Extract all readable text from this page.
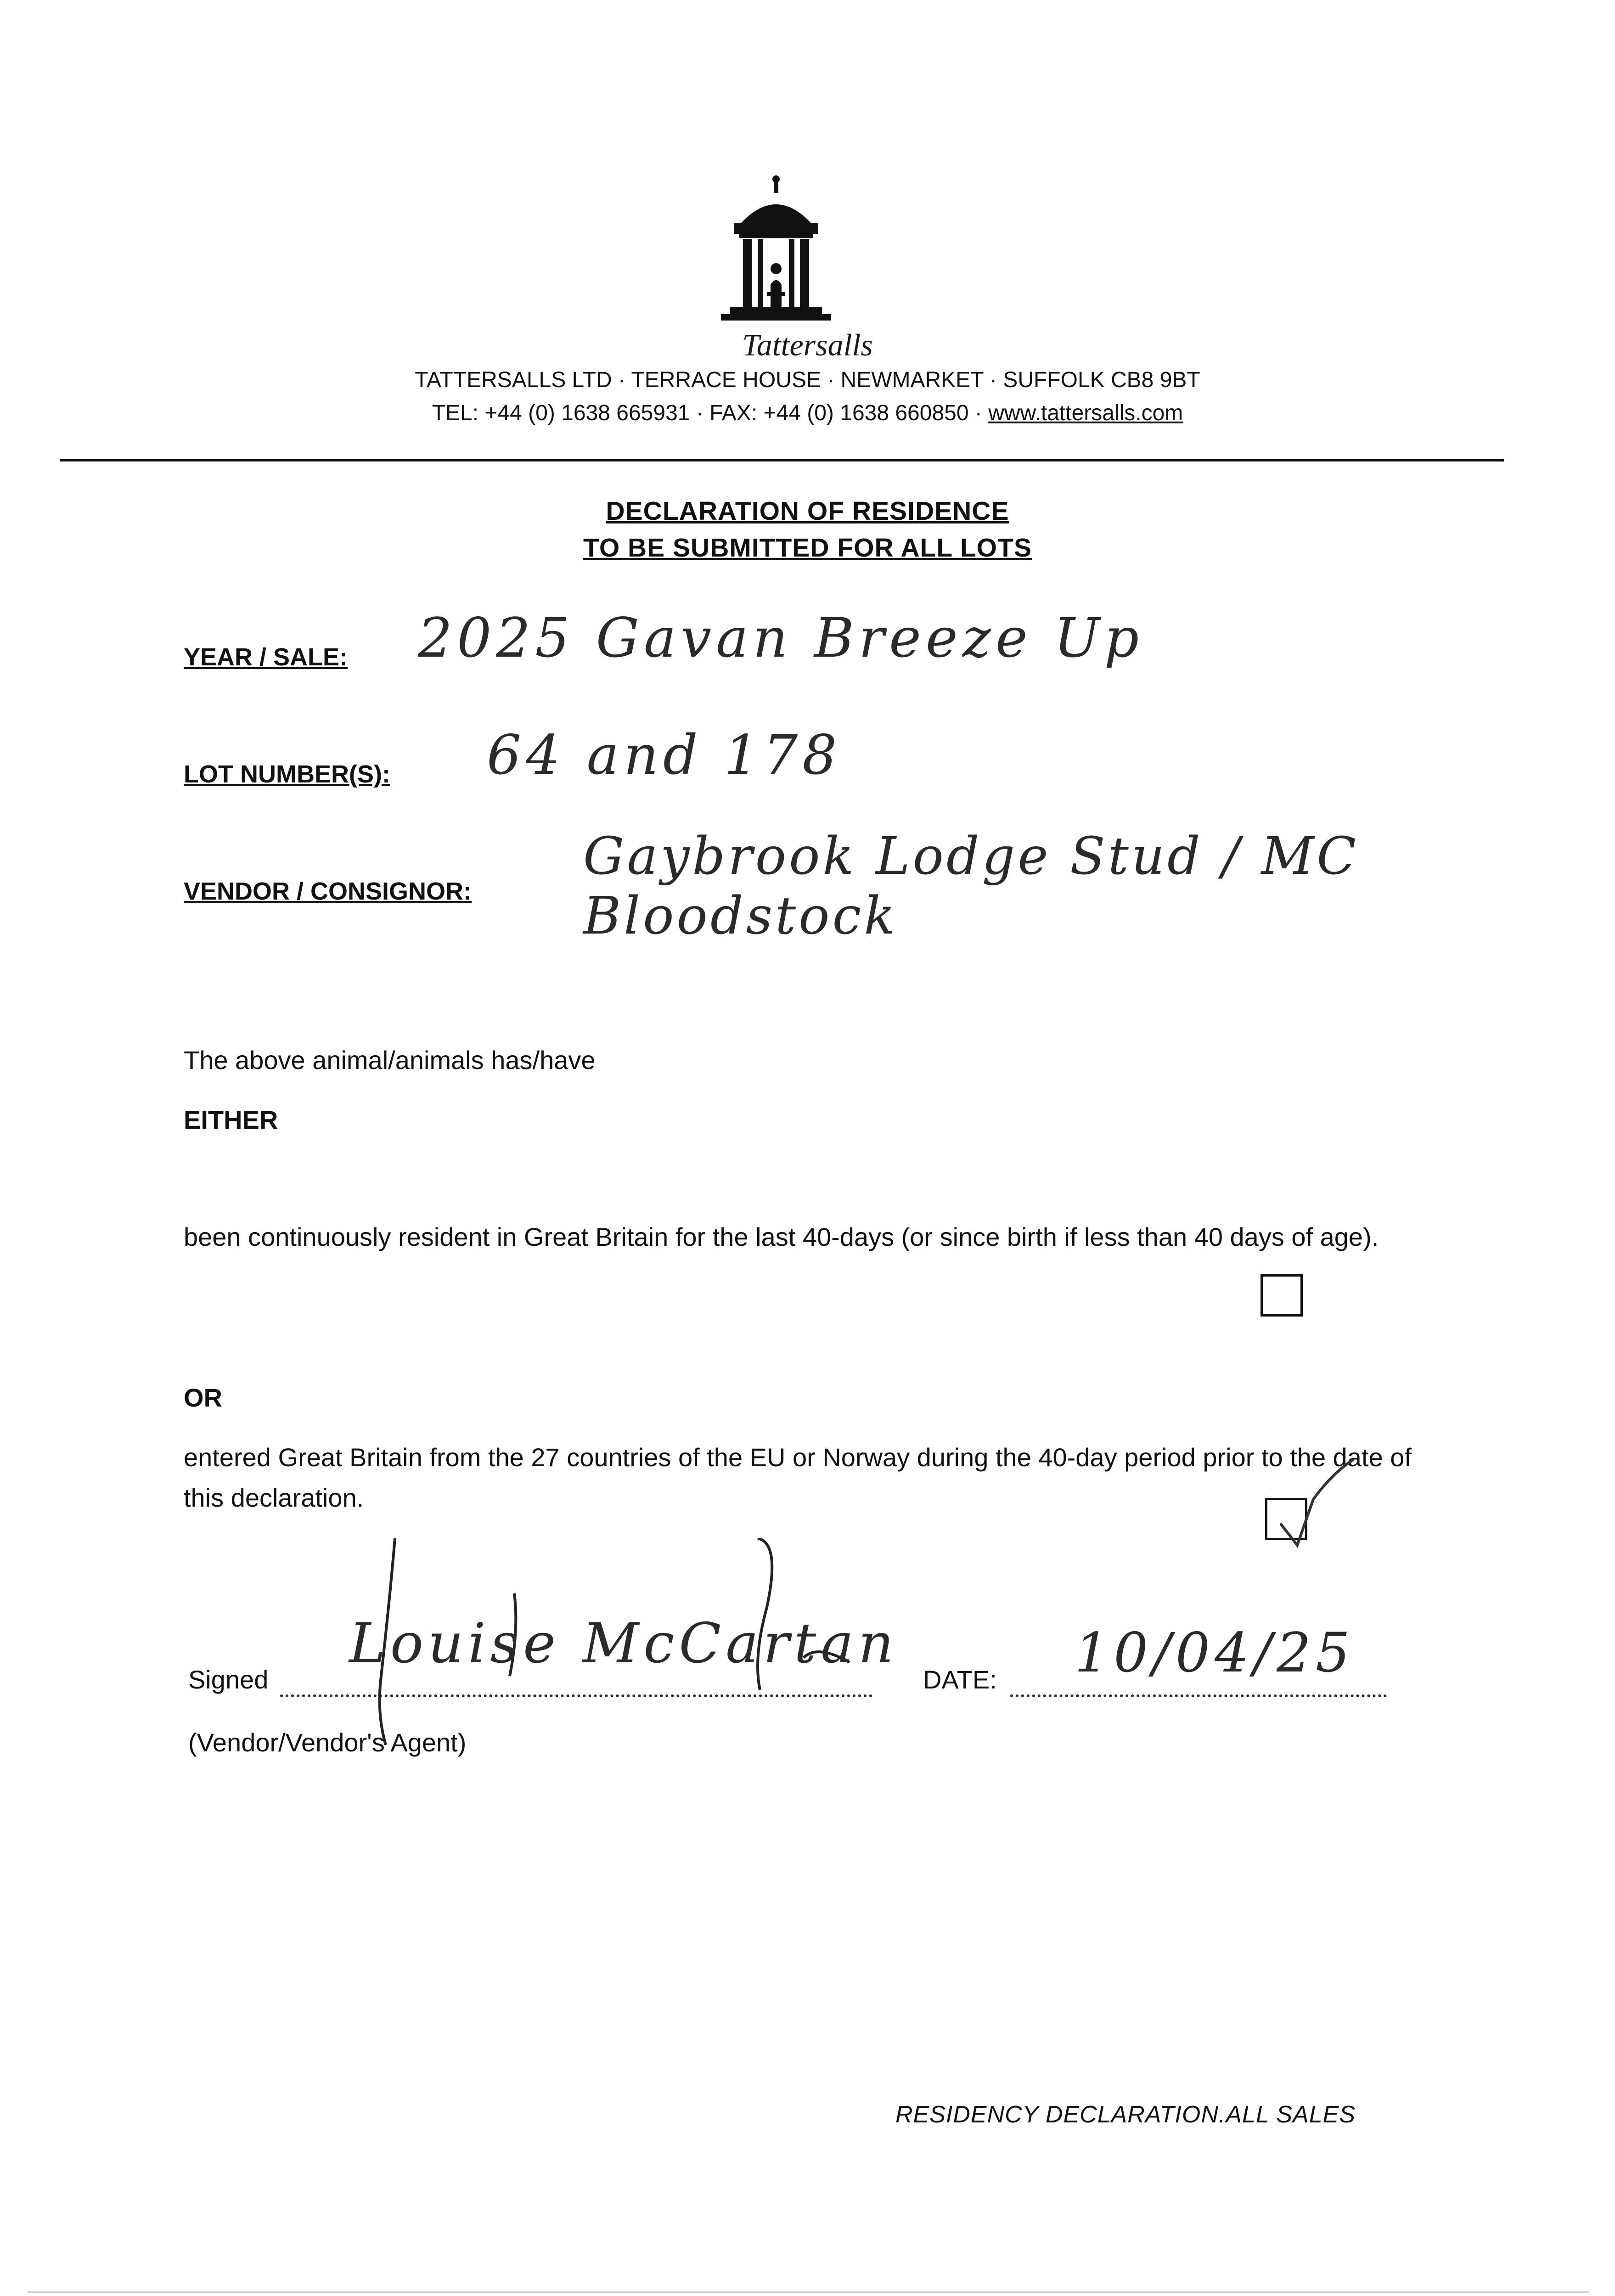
Tattersalls
TATTERSALLS LTD · TERRACE HOUSE · NEWMARKET · SUFFOLK CB8 9BT
TEL: +44 (0) 1638 665931 · FAX: +44 (0) 1638 660850 · www.tattersalls.com
DECLARATION OF RESIDENCE
TO BE SUBMITTED FOR ALL LOTS
YEAR / SALE: 2025 Gavan Breeze Up
LOT NUMBER(S): 64 and 178
VENDOR / CONSIGNOR:
Gaybrook Lodge Stud / MC Bloodstock
The above animal/animals has/have
EITHER
been continuously resident in Great Britain for the last 40-days (or since birth if less than 40 days of age).
OR
entered Great Britain from the 27 countries of the EU or Norway during the 40-day period prior to the date of this declaration.
Signed
Louise McCartan
DATE: 10/04/25
(Vendor/Vendor's Agent)
RESIDENCY DECLARATION.ALL SALES
